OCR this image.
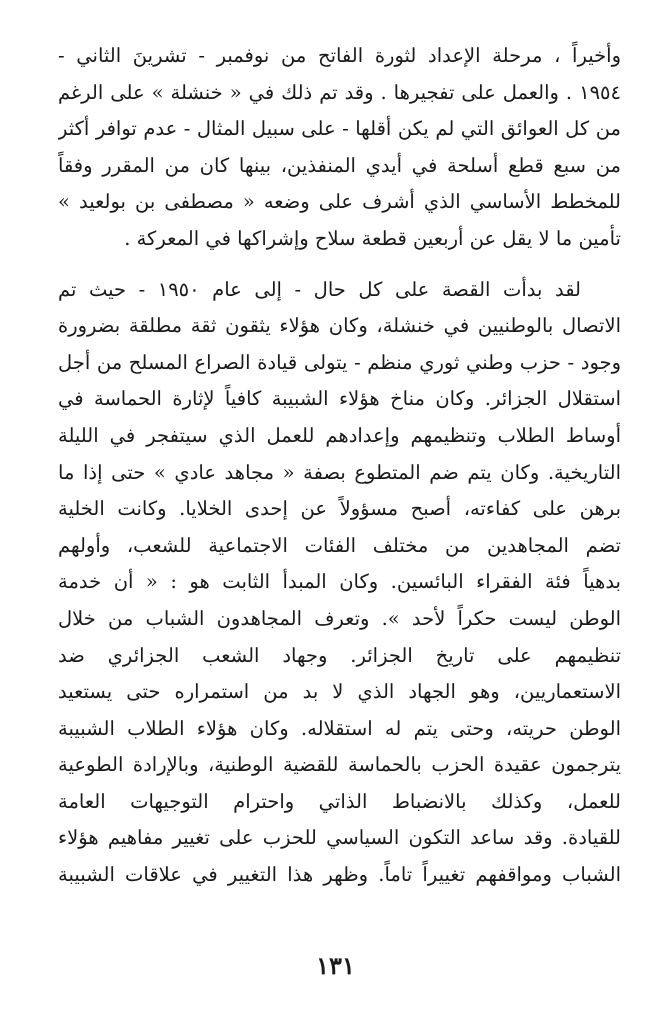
وأخيراً ، مرحلة الإعداد لثورة الفاتح من نوفمبر - تشرينَ الثاني -
١٩٥٤ . والعمل على تفجيرها . وقد تم ذلك في « خنشلة » على الرغم
من كل العوائق التي لم يكن أقلها - على سبيل المثال - عدم توافر أكثر
من سبع قطع أسلحة في أيدي المنفذين، بينها كان من المقرر وفقاً
للمخطط الأساسي الذي أشرف على وضعه « مصطفى بن بولعيد »
تأمين ما لا يقل عن أربعين قطعة سلاح وإشراكها في المعركة .
لقد بدأت القصة على كل حال - إلى عام ١٩٥٠ - حيث تم
الاتصال بالوطنيين في خنشلة، وكان هؤلاء يثقون ثقة مطلقة بضرورة
وجود - حزب وطني ثوري منظم - يتولى قيادة الصراع المسلح من أجل
استقلال الجزائر. وكان مناخ هؤلاء الشبيبة كافياً لإثارة الحماسة في
أوساط الطلاب وتنظيمهم وإعدادهم للعمل الذي سيتفجر في الليلة
التاريخية. وكان يتم ضم المتطوع بصفة « مجاهد عادي » حتى إذا ما
برهن على كفاءته، أصبح مسؤولاً عن إحدى الخلايا. وكانت الخلية
تضم المجاهدين من مختلف الفئات الاجتماعية للشعب، وأولهم
بدهياً فئة الفقراء البائسين. وكان المبدأ الثابت هو : « أن خدمة
الوطن ليست حكراً لأحد ». وتعرف المجاهدون الشباب من خلال
تنظيمهم على تاريخ الجزائر. وجهاد الشعب الجزائري ضد
الاستعماريين، وهو الجهاد الذي لا بد من استمراره حتى يستعيد
الوطن حريته، وحتى يتم له استقلاله. وكان هؤلاء الطلاب الشبيبة
يترجمون عقيدة الحزب بالحماسة للقضية الوطنية، وبالإرادة الطوعية
للعمل، وكذلك بالانضباط الذاتي واحترام التوجيهات العامة
للقيادة. وقد ساعد التكون السياسي للحزب على تغيير مفاهيم هؤلاء
الشباب ومواقفهم تغييراً تاماً. وظهر هذا التغيير في علاقات الشبيبة
١٣١
